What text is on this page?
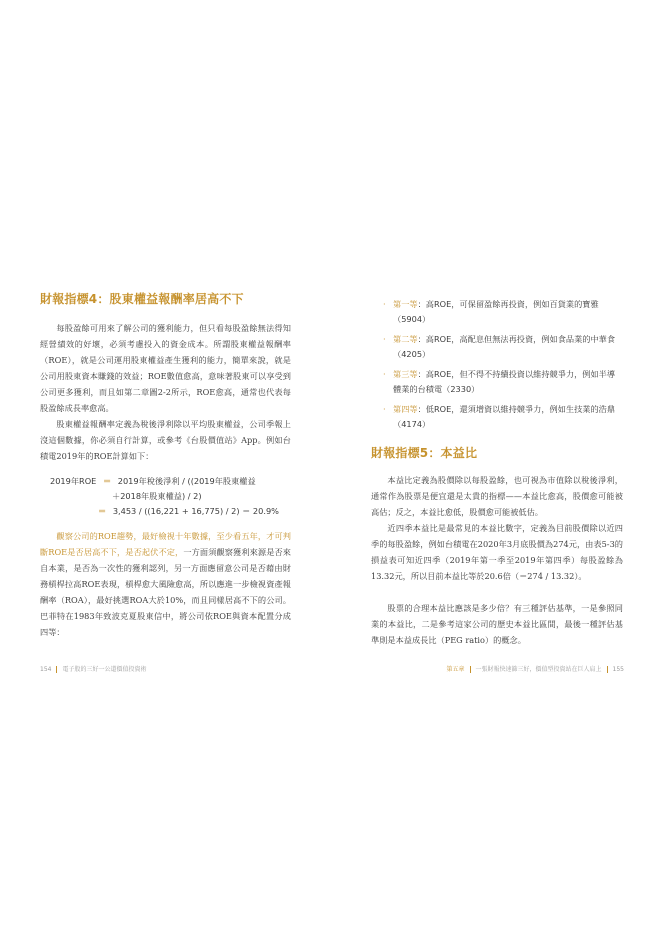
財報指標4：股東權益報酬率居高不下

每股盈餘可用來了解公司的獲利能力，但只看每股盈餘無法得知經營績效的好壞，必須考慮投入的資金成本。所謂股東權益報酬率（ROE），就是公司運用股東權益產生獲利的能力，簡單來說，就是公司用股東資本賺錢的效益；ROE數值愈高，意味著股東可以享受到公司更多獲利，而且如第二章圖2-2所示，ROE愈高，通常也代表每股盈餘成長率愈高。

股東權益報酬率定義為稅後淨利除以平均股東權益，公司季報上沒這個數據，你必須自行計算，或參考《台股價值站》App。例如台積電2019年的ROE計算如下：

2019年ROE ＝ 2019年稅後淨利 / ((2019年股東權益
＋2018年股東權益) / 2)
＝ 3,453 / ((16,221 + 16,775) / 2) ＝ 20.9%

觀察公司的ROE趨勢，最好檢視十年數據，至少看五年，才可判斷ROE是否居高不下，是否起伏不定，一方面須觀察獲利來源是否來自本業，是否為一次性的獲利認列，另一方面應留意公司是否藉由財務槓桿拉高ROE表現，槓桿愈大風險愈高，所以應進一步檢視資產報酬率（ROA），最好挑選ROA大於10%，而且同樣居高不下的公司。巴菲特在1983年致波克夏股東信中，將公司依ROE與資本配置分成四等：

154 電子股的三好一公道價值投資術
‧ 第一等：高ROE，可保留盈餘再投資，例如百貨業的寶雅（5904）
‧ 第二等：高ROE，高配息但無法再投資，例如食品業的中華食（4205）
‧ 第三等：高ROE，但不得不持續投資以維持競爭力，例如半導體業的台積電（2330）
‧ 第四等：低ROE，還須增資以維持競爭力，例如生技業的浩鼎（4174）
財報指標5：本益比

本益比定義為股價除以每股盈餘，也可視為市值除以稅後淨利，通常作為股票是便宜還是太貴的指標——本益比愈高，股價愈可能被高估；反之，本益比愈低，股價愈可能被低估。

近四季本益比是最常見的本益比數字，定義為目前股價除以近四季的每股盈餘，例如台積電在2020年3月底股價為274元，由表5-3的損益表可知近四季（2019年第一季至2019年第四季）每股盈餘為13.32元，所以目前本益比等於20.6倍（＝274 / 13.32）。

股票的合理本益比應該是多少倍？有三種評估基準，一是參照同業的本益比，二是參考這家公司的歷史本益比區間，最後一種評估基準則是本益成長比（PEG ratio）的概念。

第五章 一張財報快速篩三好，價值型投資站在巨人肩上 155
